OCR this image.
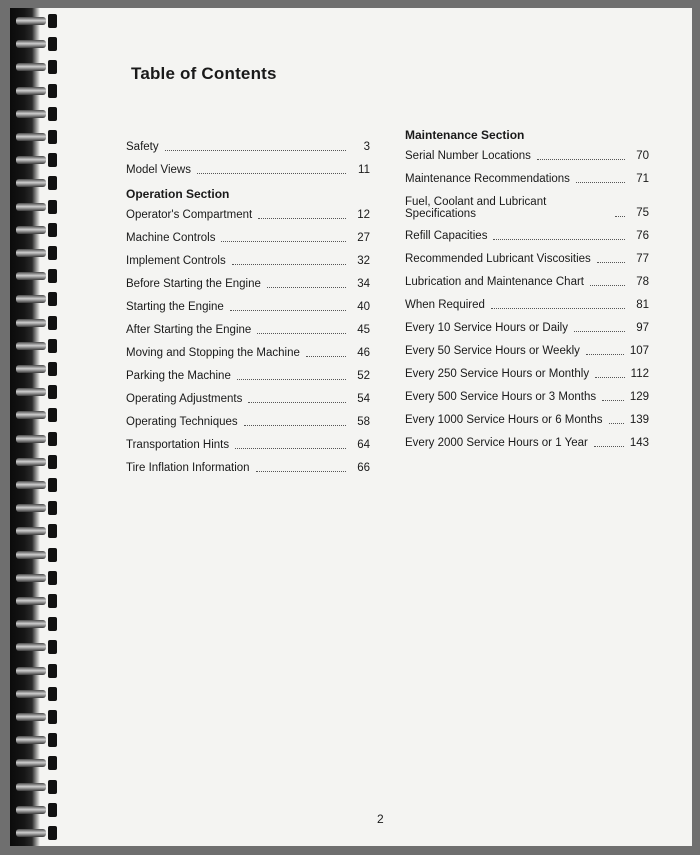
Table of Contents
Safety	3
Model Views	11
Operation Section
Operator's Compartment	12
Machine Controls	27
Implement Controls	32
Before Starting the Engine	34
Starting the Engine	40
After Starting the Engine	45
Moving and Stopping the Machine	46
Parking the Machine	52
Operating Adjustments	54
Operating Techniques	58
Transportation Hints	64
Tire Inflation Information	66
Maintenance Section
Serial Number Locations	70
Maintenance Recommendations	71
Fuel, Coolant and Lubricant Specifications	75
Refill Capacities	76
Recommended Lubricant Viscosities	77
Lubrication and Maintenance Chart	78
When Required	81
Every 10 Service Hours or Daily	97
Every 50 Service Hours or Weekly	107
Every 250 Service Hours or Monthly	112
Every 500 Service Hours or 3 Months	129
Every 1000 Service Hours or 6 Months 139
Every 2000 Service Hours or 1 Year	143
2
